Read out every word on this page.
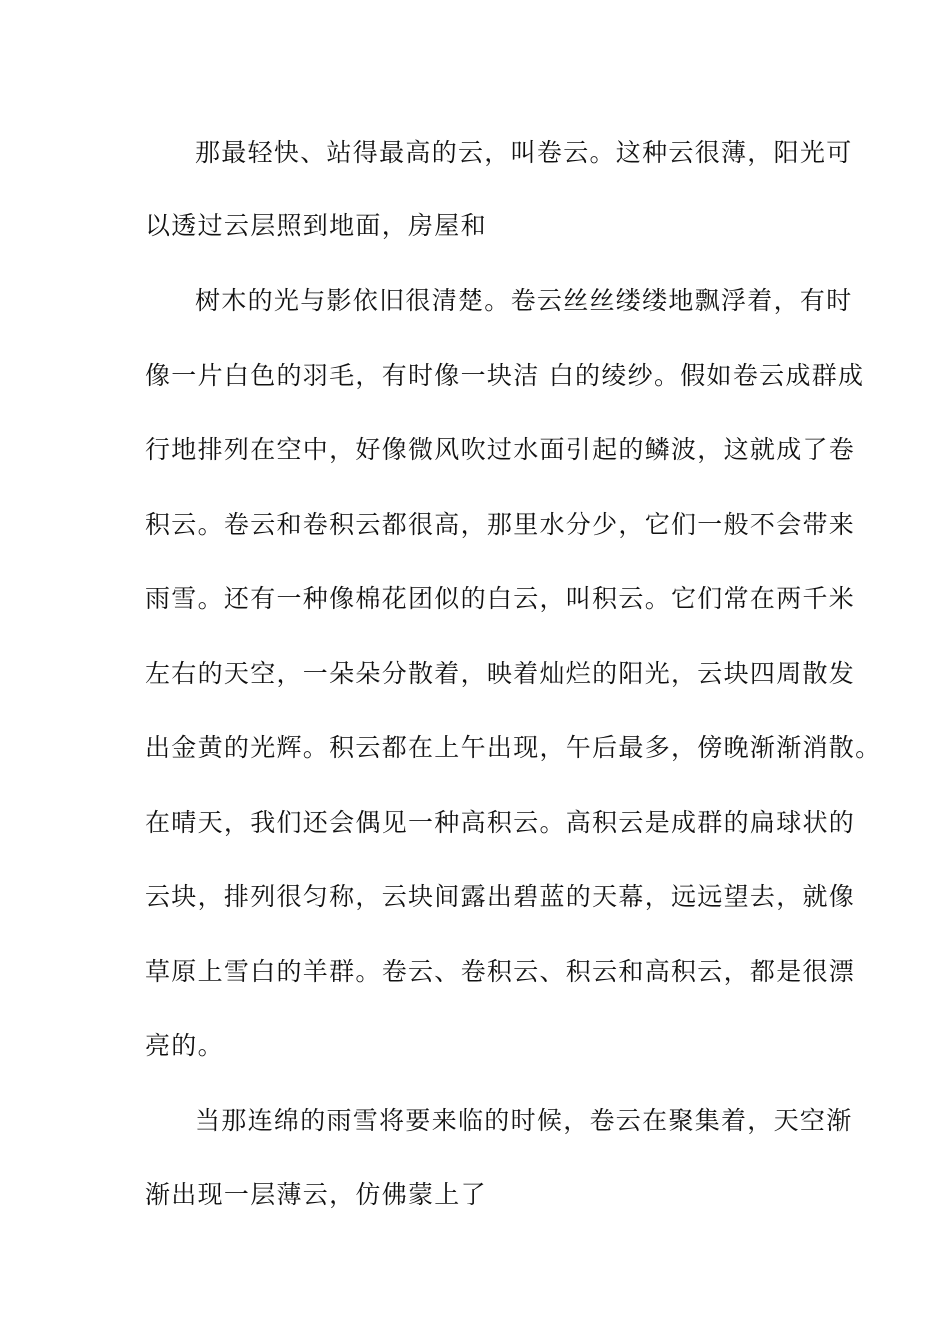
那最轻快、站得最高的云，叫卷云。这种云很薄，阳光可
以透过云层照到地面，房屋和
树木的光与影依旧很清楚。卷云丝丝缕缕地飘浮着，有时
像一片白色的羽毛，有时像一块洁 白的绫纱。假如卷云成群成
行地排列在空中，好像微风吹过水面引起的鳞波，这就成了卷
积云。卷云和卷积云都很高，那里水分少，它们一般不会带来
雨雪。还有一种像棉花团似的白云，叫积云。它们常在两千米
左右的天空，一朵朵分散着，映着灿烂的阳光，云块四周散发
出金黄的光辉。积云都在上午出现，午后最多，傍晚渐渐消散。
在晴天，我们还会偶见一种高积云。高积云是成群的扁球状的
云块，排列很匀称，云块间露出碧蓝的天幕，远远望去，就像
草原上雪白的羊群。卷云、卷积云、积云和高积云，都是很漂
亮的。
当那连绵的雨雪将要来临的时候，卷云在聚集着，天空渐
渐出现一层薄云，仿佛蒙上了
